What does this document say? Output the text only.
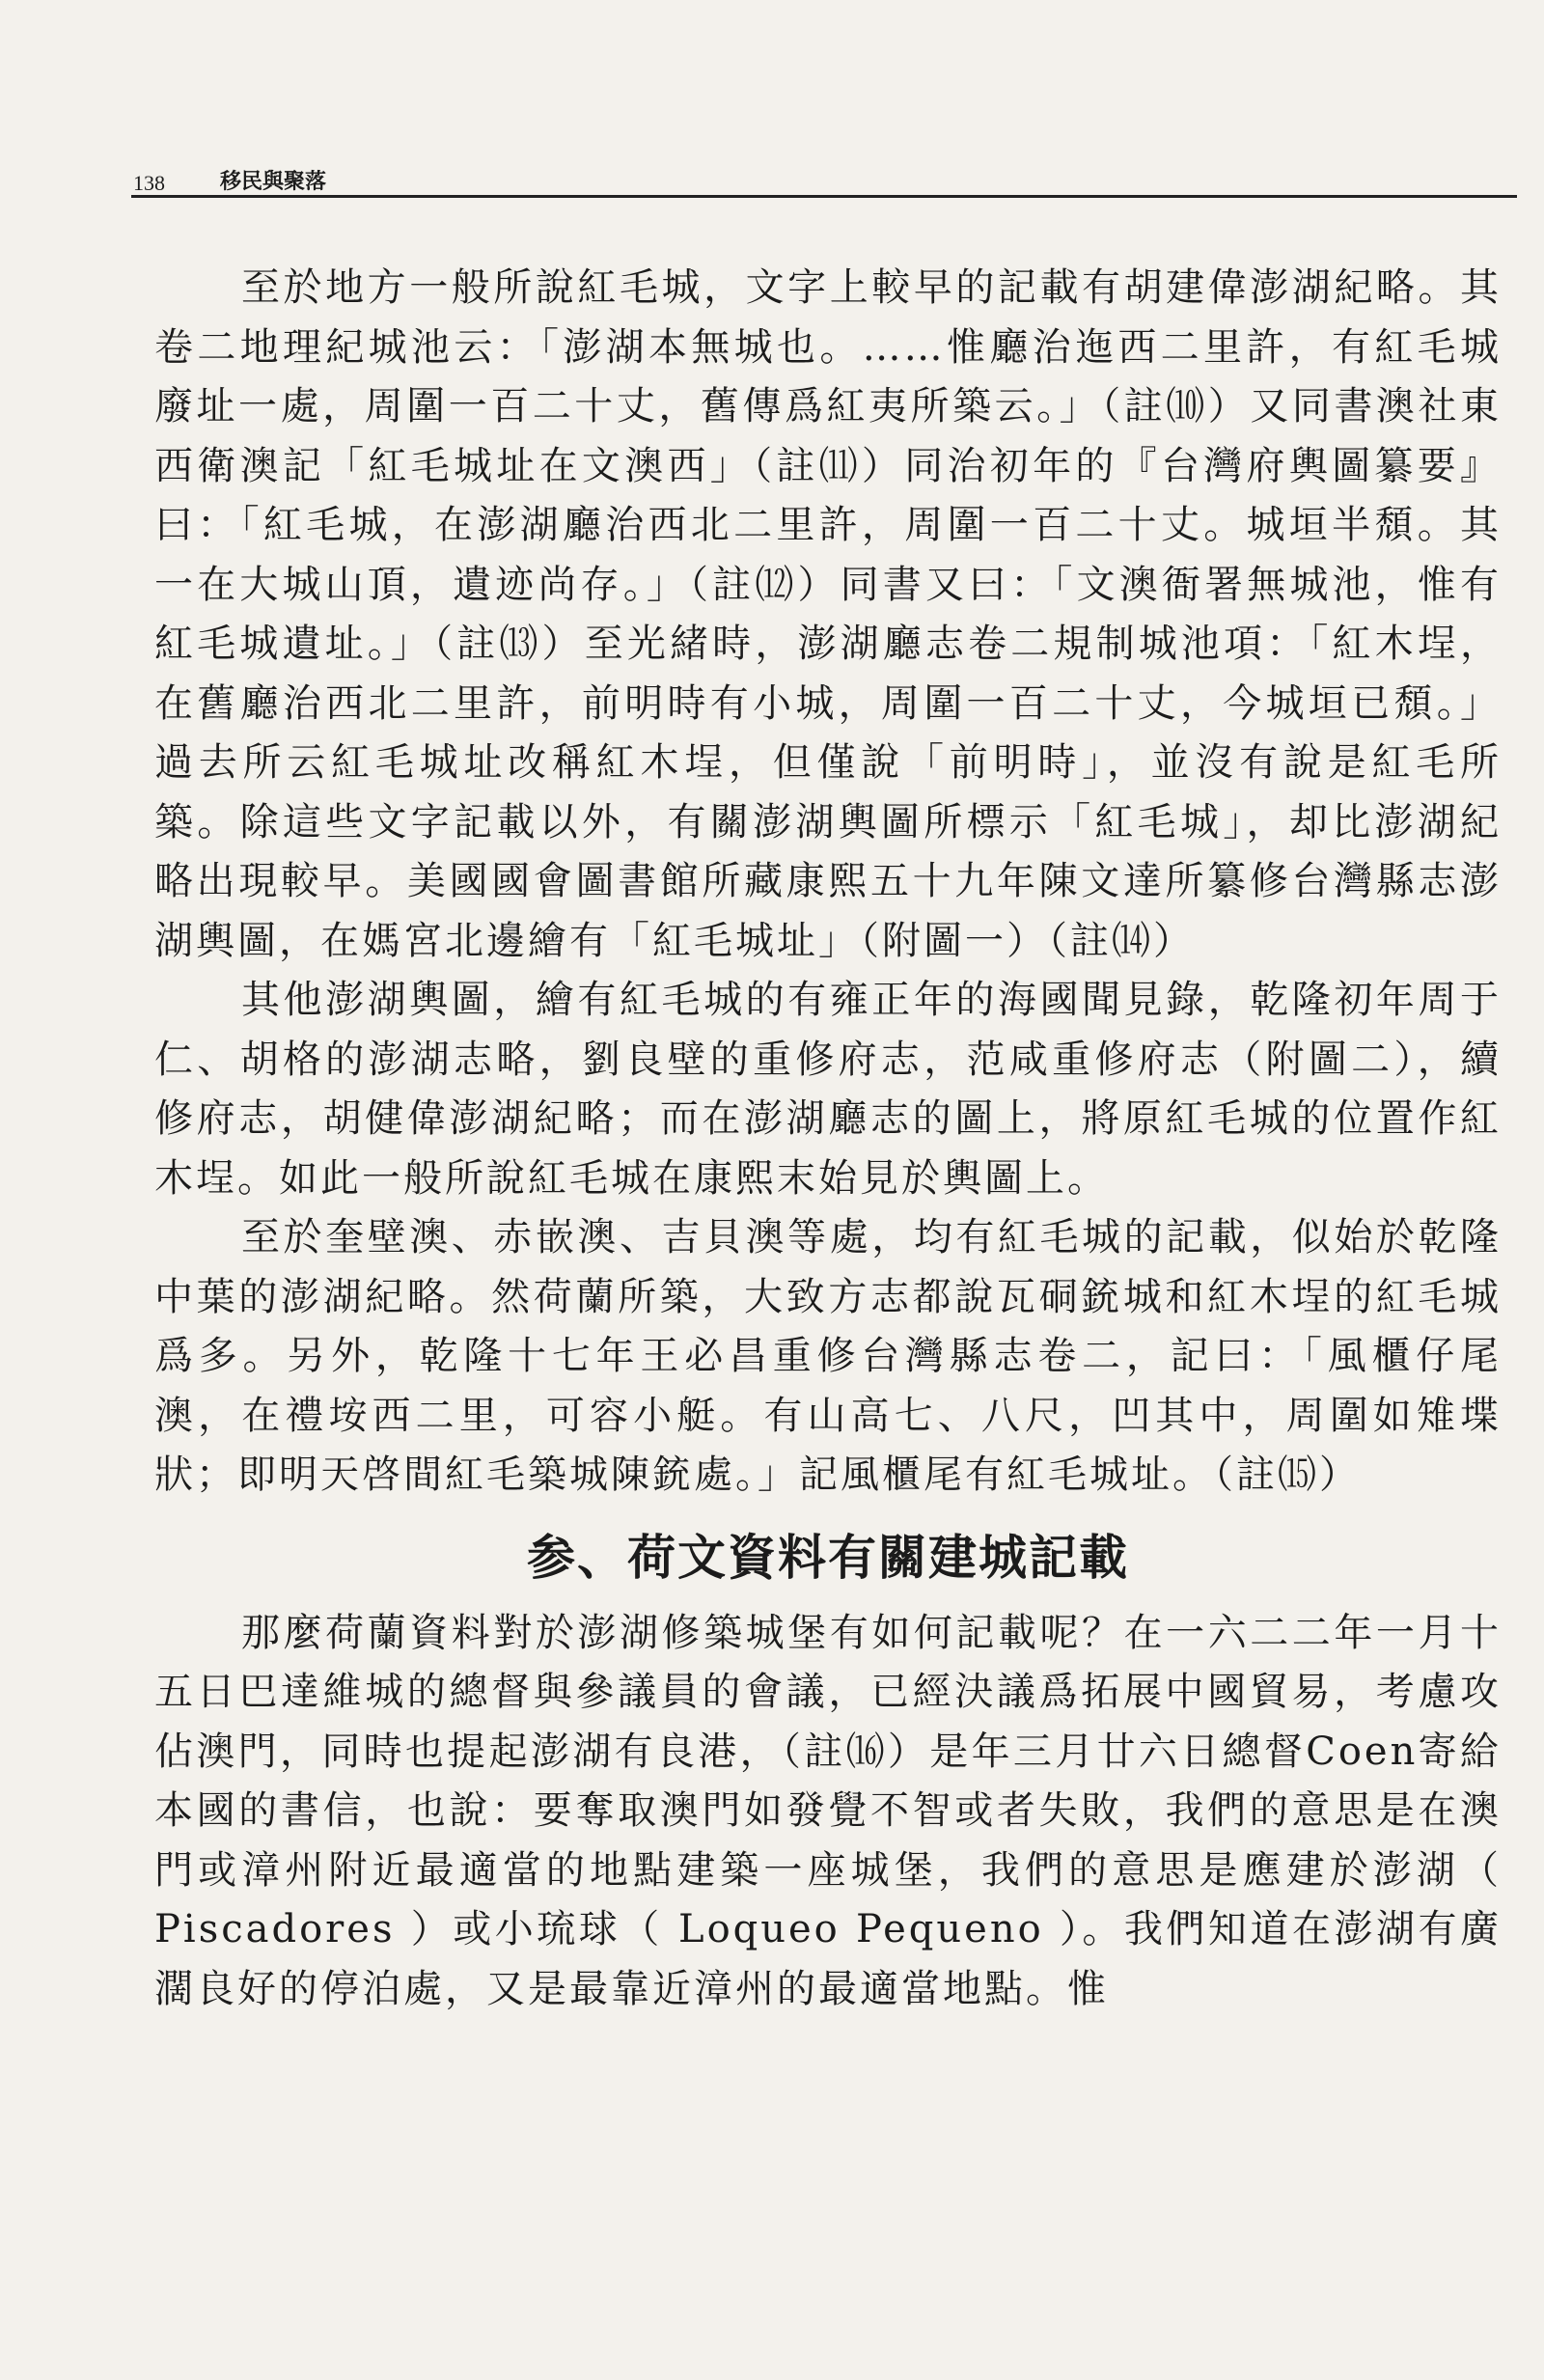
138	移民與聚落

至於地方一般所說紅毛城，文字上較早的記載有胡建偉澎湖紀略。其卷二地理紀城池云：「澎湖本無城也。……惟廳治迤西二里許，有紅毛城廢址一處，周圍一百二十丈，舊傳爲紅夷所築云。」（註⑽）又同書澳社東西衛澳記「紅毛城址在文澳西」（註⑾）同治初年的『台灣府輿圖纂要』曰：「紅毛城，在澎湖廳治西北二里許，周圍一百二十丈。城垣半頹。其一在大城山頂，遺迹尚存。」（註⑿）同書又曰：「文澳衙署無城池，惟有紅毛城遺址。」（註⒀）至光緒時，澎湖廳志卷二規制城池項：「紅木埕，在舊廳治西北二里許，前明時有小城，周圍一百二十丈，今城垣已頹。」過去所云紅毛城址改稱紅木埕，但僅說「前明時」，並沒有說是紅毛所築。除這些文字記載以外，有關澎湖輿圖所標示「紅毛城」，却比澎湖紀略出現較早。美國國會圖書館所藏康熙五十九年陳文達所纂修台灣縣志澎湖輿圖，在媽宮北邊繪有「紅毛城址」（附圖一）（註⒁）

其他澎湖輿圖，繪有紅毛城的有雍正年的海國聞見錄，乾隆初年周于仁、胡格的澎湖志略，劉良壁的重修府志，范咸重修府志（附圖二），續修府志，胡健偉澎湖紀略；而在澎湖廳志的圖上，將原紅毛城的位置作紅木埕。如此一般所說紅毛城在康熙末始見於輿圖上。

至於奎壁澳、赤嵌澳、吉貝澳等處，均有紅毛城的記載，似始於乾隆中葉的澎湖紀略。然荷蘭所築，大致方志都說瓦硐銃城和紅木埕的紅毛城爲多。另外，乾隆十七年王必昌重修台灣縣志卷二，記曰：「風櫃仔尾澳，在禮垵西二里，可容小艇。有山高七、八尺，凹其中，周圍如雉堞狀；即明天啓間紅毛築城陳銃處。」記風櫃尾有紅毛城址。（註⒂）

参、荷文資料有關建城記載

那麼荷蘭資料對於澎湖修築城堡有如何記載呢？在一六二二年一月十五日巴達維城的總督與參議員的會議，已經決議爲拓展中國貿易，考慮攻佔澳門，同時也提起澎湖有良港，（註⒃）是年三月廿六日總督Coen寄給本國的書信，也說：要奪取澳門如發覺不智或者失敗，我們的意思是在澳門或漳州附近最適當的地點建築一座城堡，我們的意思是應建於澎湖（ Piscadores ）或小琉球（ Loqueo Pequeno ）。我們知道在澎湖有廣濶良好的停泊處，又是最靠近漳州的最適當地點。惟
